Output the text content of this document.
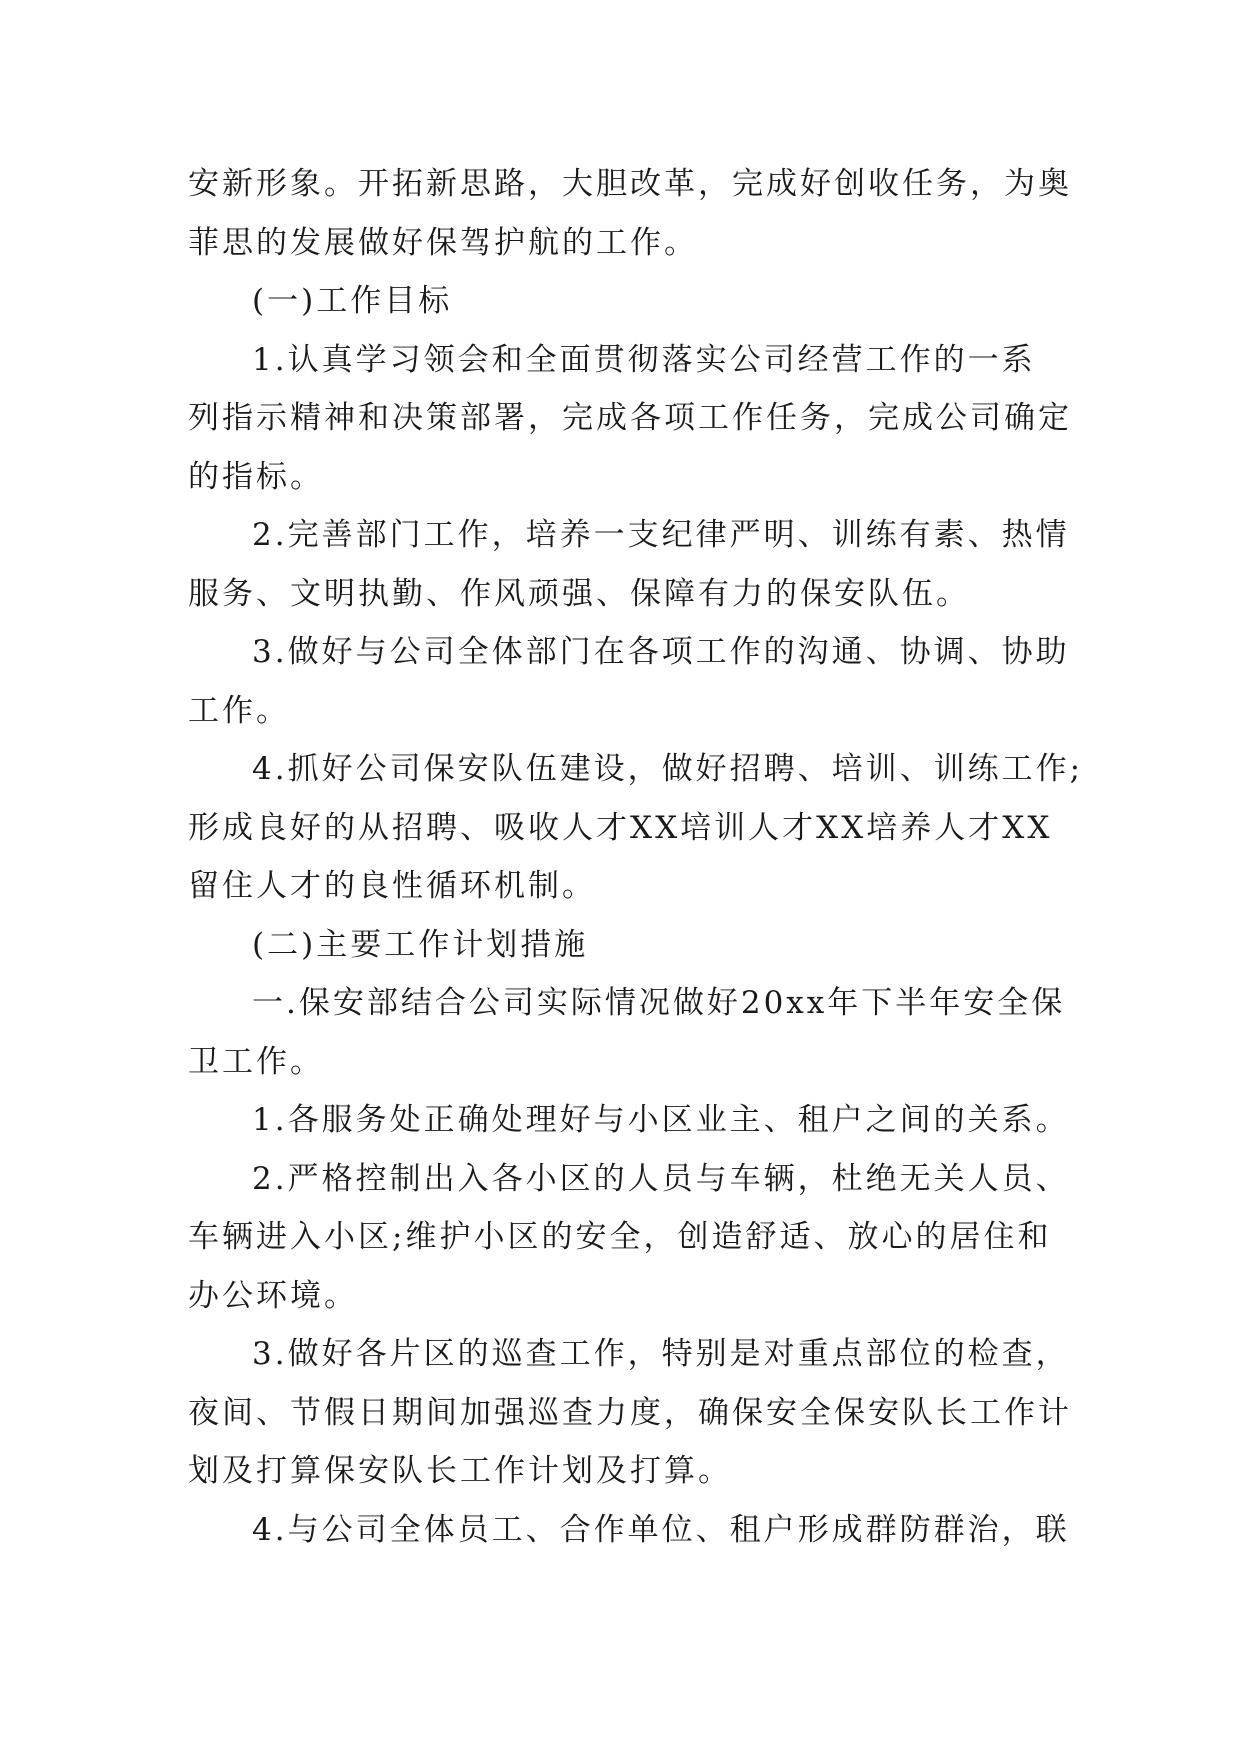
安新形象。开拓新思路，大胆改革，完成好创收任务，为奥
菲思的发展做好保驾护航的工作。
(一)工作目标
1.认真学习领会和全面贯彻落实公司经营工作的一系
列指示精神和决策部署，完成各项工作任务，完成公司确定
的指标。
2.完善部门工作，培养一支纪律严明、训练有素、热情
服务、文明执勤、作风顽强、保障有力的保安队伍。
3.做好与公司全体部门在各项工作的沟通、协调、协助
工作。
4.抓好公司保安队伍建设，做好招聘、培训、训练工作;
形成良好的从招聘、吸收人才XX培训人才XX培养人才XX
留住人才的良性循环机制。
(二)主要工作计划措施
一.保安部结合公司实际情况做好20xx年下半年安全保
卫工作。
1.各服务处正确处理好与小区业主、租户之间的关系。
2.严格控制出入各小区的人员与车辆，杜绝无关人员、
车辆进入小区;维护小区的安全，创造舒适、放心的居住和
办公环境。
3.做好各片区的巡查工作，特别是对重点部位的检查，
夜间、节假日期间加强巡查力度，确保安全保安队长工作计
划及打算保安队长工作计划及打算。
4.与公司全体员工、合作单位、租户形成群防群治，联
